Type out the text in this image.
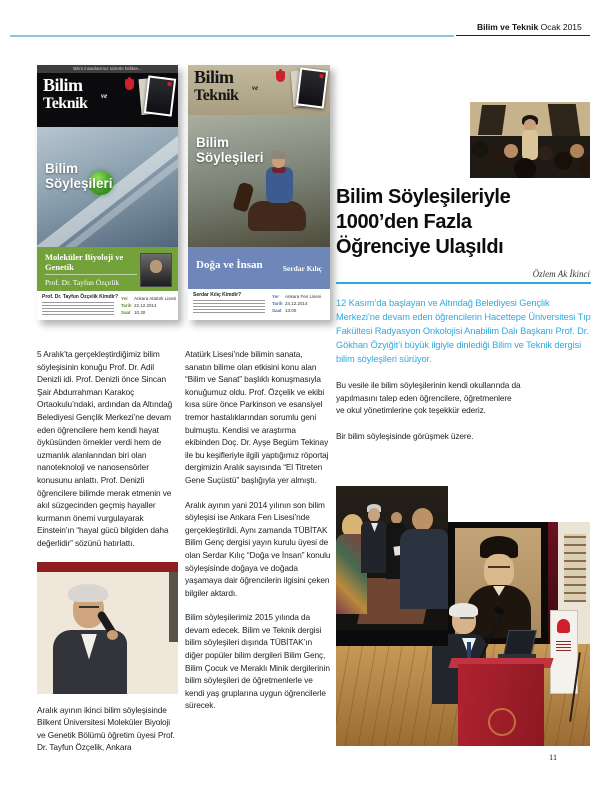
Bilim ve Teknik Ocak 2015
Bilim insanlarımız sizlerle birlikte...
Bilim
ve
Teknik
Bilim Söyleşileri
Moleküler Biyoloji ve Genetik
Prof. Dr. Tayfun Özçelik
Prof. Dr. Tayfun Özçelik Kimdir? Yer Ankara Atatürk Lisesi
Tarih 22.12.2014
Saat 10.30
Bilim
ve
Teknik
Bilim Söyleşileri
Doğa ve İnsan	Serdar Kılıç
Serdar Kılıç Kimdir?	Yer Ankara Fen Lisesi
Tarih 24.12.2014
Saat 13.00

5 Aralık’ta gerçekleştirdiğimiz bilim söyleşisinin konuğu Prof. Dr. Adil Denizli idi. Prof. Denizli önce Sincan Şair Abdurrahman Karakoç Ortaokulu’ndaki, ardından da Altındağ Belediyesi Gençlik Merkezi’ne devam eden öğrencilere hem kendi hayat öyküsünden örnekler verdi hem de uzmanlık alanlarından biri olan nanoteknoloji ve nanosensörler konusunu anlattı. Prof. Denizli öğrencilere bilimde merak etmenin ve akıl süzgecinden geçmiş hayaller kurmanın önemi vurgulayarak Einstein’ın “hayal gücü bilgiden daha değerlidir” sözünü hatırlattı.

Aralık ayının ikinci bilim söyleşisinde Bilkent Üniversitesi Moleküler Biyoloji ve Genetik Bölümü öğretim üyesi Prof. Dr. Tayfun Özçelik, Ankara

Atatürk Lisesi’nde bilimin sanata, sanatın bilime olan etkisini konu alan “Bilim ve Sanat” başlıklı konuşmasıyla konuğumuz oldu. Prof. Özçelik ve ekibi kısa süre önce Parkinson ve esansiyel tremor hastalıklarından sorumlu geni bulmuştu. Kendisi ve araştırma ekibinden Doç. Dr. Ayşe Begüm Tekinay ile bu keşifleriyle ilgili yaptığımız röportaj dergimizin Aralık sayısında “El Titreten Gene Suçüstü” başlığıyla yer almıştı.

Aralık ayının yani 2014 yılının son bilim söyleşisi ise Ankara Fen Lisesi’nde gerçekleştirildi. Aynı zamanda TÜBİTAK Bilim Genç dergisi yayın kurulu üyesi de olan Serdar Kılıç “Doğa ve İnsan” konulu söyleşisinde doğaya ve doğada yaşamaya dair öğrencilerin ilgisini çeken bilgiler aktardı.

Bilim söyleşilerimiz 2015 yılında da devam edecek. Bilim ve Teknik dergisi bilim söyleşileri dışında TÜBİTAK’ın diğer popüler bilim dergileri Bilim Genç, Bilim Çocuk ve Meraklı Minik dergilerinin bilim söyleşileri de öğretmenlerle ve kendi yaş gruplarına uygun öğrencilerle sürecek.

Bilim Söyleşileriyle
1000’den Fazla
Öğrenciye Ulaşıldı
Özlem Ak İkinci
12 Kasım’da başlayan ve Altındağ Belediyesi Gençlik Merkezi’ne devam eden öğrencilerin Hacettepe Üniversitesi Tıp Fakültesi Radyasyon Onkolojisi Anabilim Dalı Başkanı Prof. Dr. Gökhan Özyiğit’i büyük ilgiyle dinlediği Bilim ve Teknik dergisi bilim söyleşileri sürüyor.

Bu vesile ile bilim söyleşilerinin kendi okullarında da yapılmasını talep eden öğrencilere, öğretmenlere ve okul yönetimlerine çok teşekkür ederiz.

Bir bilim söyleşisinde görüşmek üzere.

11
